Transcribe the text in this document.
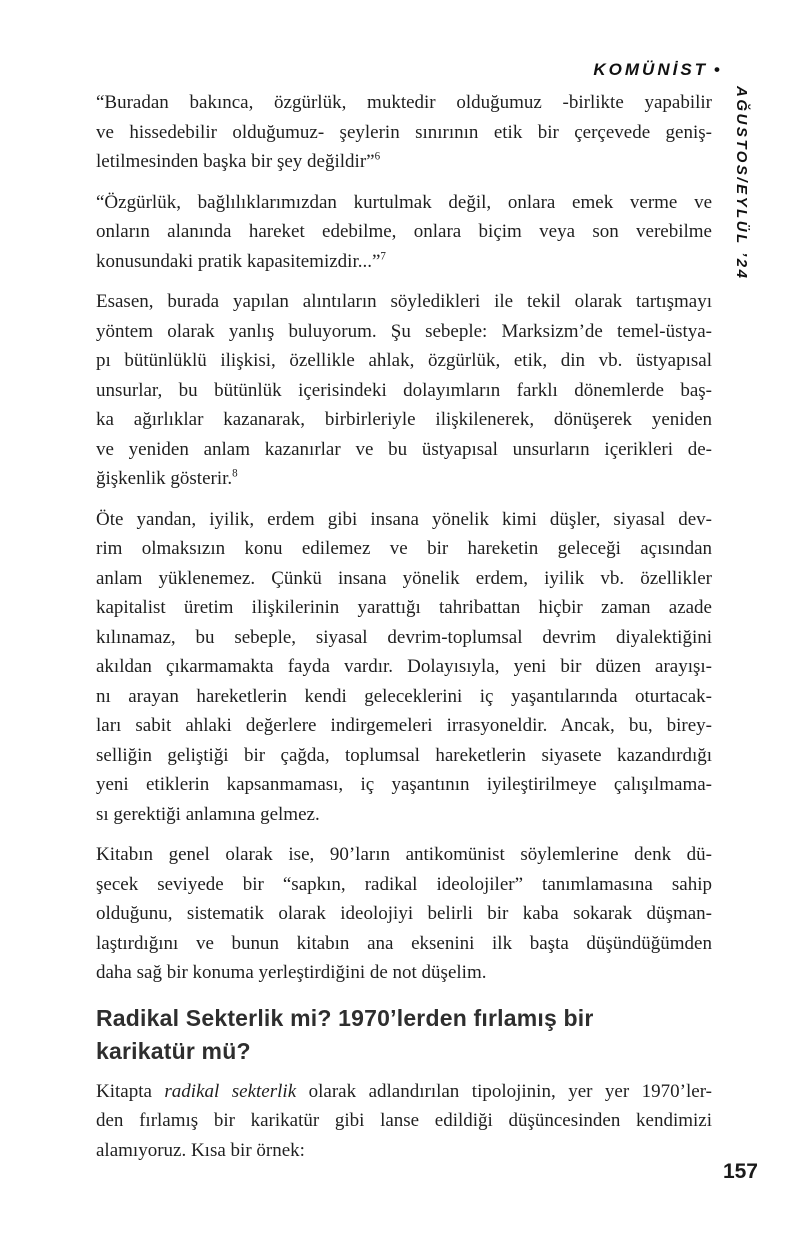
KOMÜNİST •
AĞUSTOS/EYLÜL ’24
“Buradan bakınca, özgürlük, muktedir olduğumuz -birlikte yapabilir
ve hissedebilir olduğumuz- şeylerin sınırının etik bir çerçevede geniş-
letilmesinden başka bir şey değildir”$^6$
“Özgürlük, bağlılıklarımızdan kurtulmak değil, onlara emek verme ve
onların alanında hareket edebilme, onlara biçim veya son verebilme
konusundaki pratik kapasitemizdir...”$^7$
Esasen, burada yapılan alıntıların söyledikleri ile tekil olarak tartışmayı
yöntem olarak yanlış buluyorum. Şu sebeple: Marksizm’de temel-üstya-
pı bütünlüklü ilişkisi, özellikle ahlak, özgürlük, etik, din vb. üstyapısal
unsurlar, bu bütünlük içerisindeki dolayımların farklı dönemlerde baş-
ka ağırlıklar kazanarak, birbirleriyle ilişkilenerek, dönüşerek yeniden
ve yeniden anlam kazanırlar ve bu üstyapısal unsurların içerikleri de-
ğişkenlik gösterir.$^8$
Öte yandan, iyilik, erdem gibi insana yönelik kimi düşler, siyasal dev-
rim olmaksızın konu edilemez ve bir hareketin geleceği açısından
anlam yüklenemez. Çünkü insana yönelik erdem, iyilik vb. özellikler
kapitalist üretim ilişkilerinin yarattığı tahribattan hiçbir zaman azade
kılınamaz, bu sebeple, siyasal devrim-toplumsal devrim diyalektiğini
akıldan çıkarmamakta fayda vardır. Dolayısıyla, yeni bir düzen arayışı-
nı arayan hareketlerin kendi geleceklerini iç yaşantılarında oturtacak-
ları sabit ahlaki değerlere indirgemeleri irrasyoneldir. Ancak, bu, birey-
selliğin geliştiği bir çağda, toplumsal hareketlerin siyasete kazandırdığı
yeni etiklerin kapsanmaması, iç yaşantının iyileştirilmeye çalışılmama-
sı gerektiği anlamına gelmez.
Kitabın genel olarak ise, 90’ların antikomünist söylemlerine denk dü-
şecek seviyede bir “sapkın, radikal ideolojiler” tanımlamasına sahip
olduğunu, sistematik olarak ideolojiyi belirli bir kaba sokarak düşman-
laştırdığını ve bunun kitabın ana eksenini ilk başta düşündüğümden
daha sağ bir konuma yerleştirdiğini de not düşelim.
Radikal Sekterlik mi? 1970’lerden fırlamış bir
karikatür mü?
Kitapta radikal sekterlik olarak adlandırılan tipolojinin, yer yer 1970’ler-
den fırlamış bir karikatür gibi lanse edildiği düşüncesinden kendimizi
alamıyoruz. Kısa bir örnek:
157
